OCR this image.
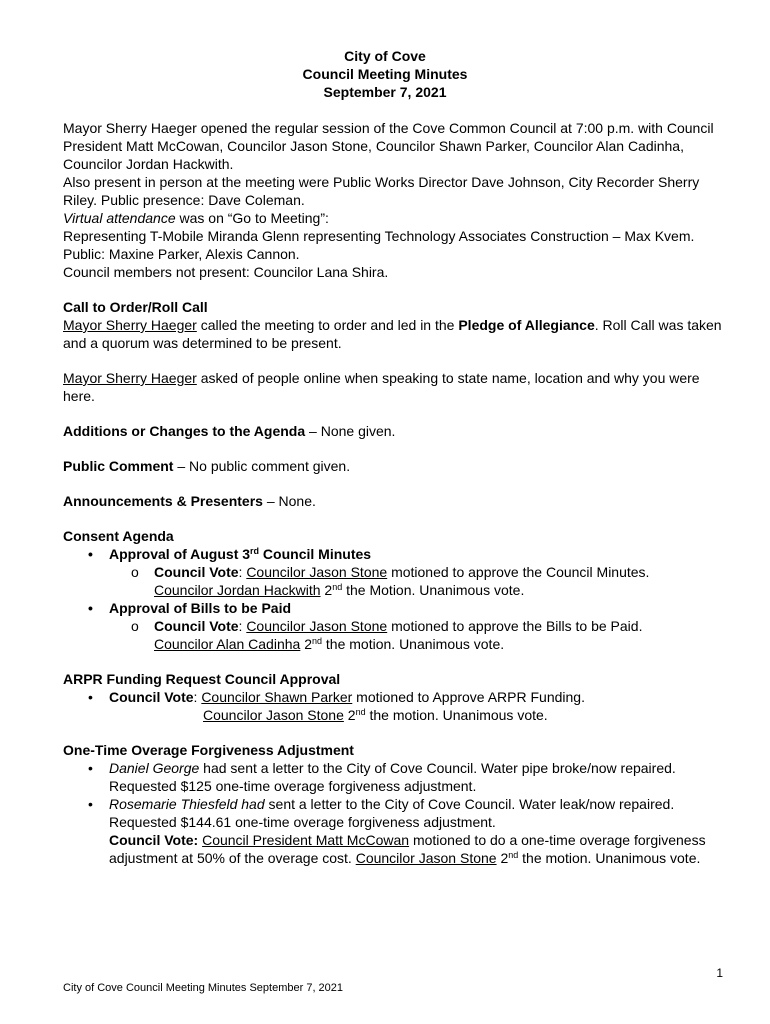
City of Cove
Council Meeting Minutes
September 7, 2021

Mayor Sherry Haeger opened the regular session of the Cove Common Council at 7:00 p.m. with Council President Matt McCowan, Councilor Jason Stone, Councilor Shawn Parker, Councilor Alan Cadinha, Councilor Jordan Hackwith.

Also present in person at the meeting were Public Works Director Dave Johnson, City Recorder Sherry Riley. Public presence: Dave Coleman.

Virtual attendance was on “Go to Meeting”:

Representing T-Mobile Miranda Glenn representing Technology Associates Construction – Max Kvem. Public: Maxine Parker, Alexis Cannon.

Council members not present: Councilor Lana Shira.

Call to Order/Roll Call

Mayor Sherry Haeger called the meeting to order and led in the Pledge of Allegiance. Roll Call was taken and a quorum was determined to be present.

Mayor Sherry Haeger asked of people online when speaking to state name, location and why you were here.

Additions or Changes to the Agenda – None given.

Public Comment – No public comment given.

Announcements & Presenters – None.

Consent Agenda

• Approval of August 3rd Council Minutes
o Council Vote: Councilor Jason Stone motioned to approve the Council Minutes.
Councilor Jordan Hackwith 2nd the Motion. Unanimous vote.
• Approval of Bills to be Paid
o Council Vote: Councilor Jason Stone motioned to approve the Bills to be Paid.
Councilor Alan Cadinha 2nd the motion. Unanimous vote.

ARPR Funding Request Council Approval

• Council Vote: Councilor Shawn Parker motioned to Approve ARPR Funding.

Councilor Jason Stone 2nd the motion. Unanimous vote.

One-Time Overage Forgiveness Adjustment

• Daniel George had sent a letter to the City of Cove Council. Water pipe broke/now repaired. Requested $125 one-time overage forgiveness adjustment.
• Rosemarie Thiesfeld had sent a letter to the City of Cove Council. Water leak/now repaired. Requested $144.61 one-time overage forgiveness adjustment.
Council Vote: Council President Matt McCowan motioned to do a one-time overage forgiveness adjustment at 50% of the overage cost. Councilor Jason Stone 2nd the motion. Unanimous vote.
1
City of Cove Council Meeting Minutes September 7, 2021
